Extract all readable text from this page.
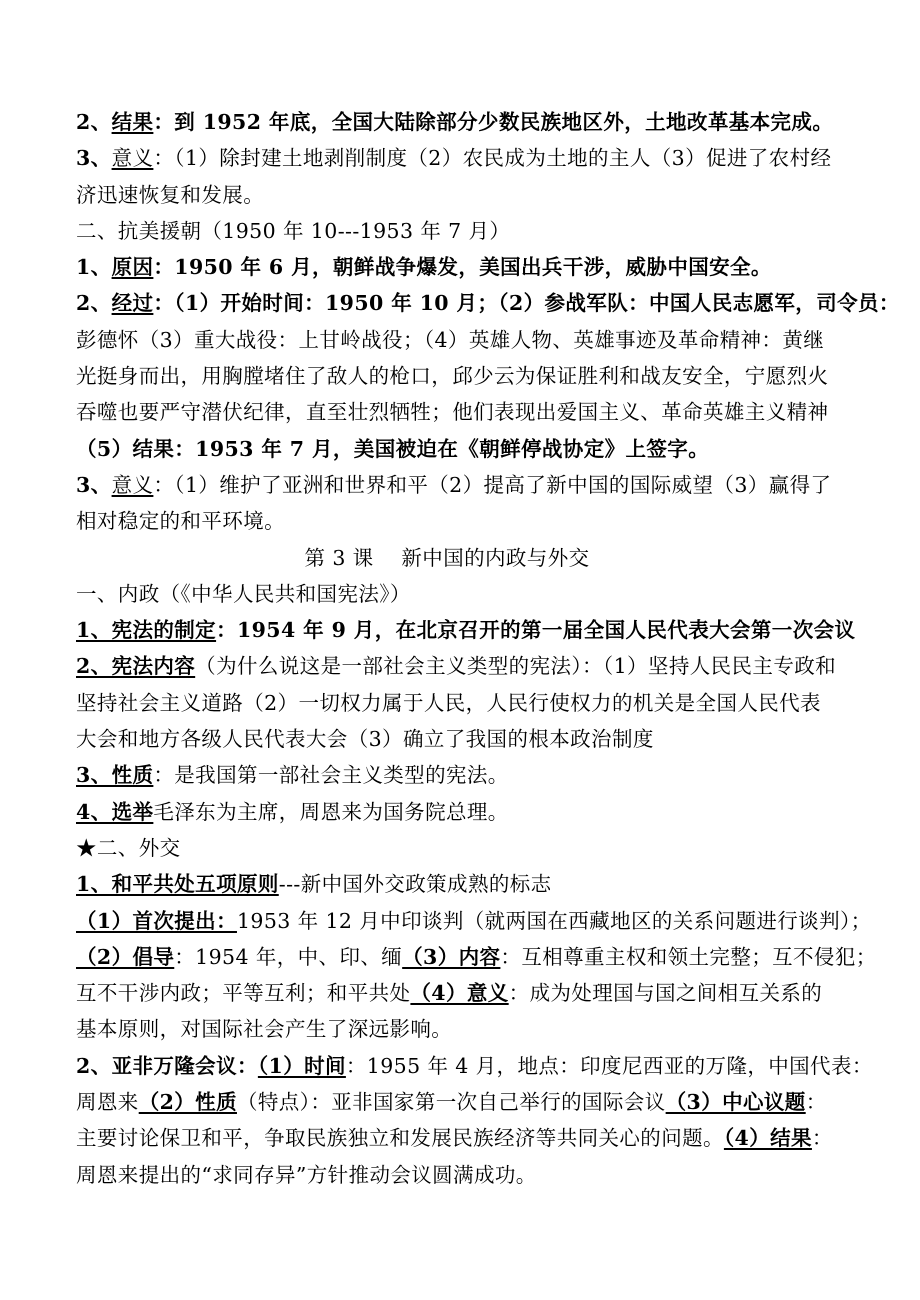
2、结果：到 1952 年底，全国大陆除部分少数民族地区外，土地改革基本完成。
3、意义：（1）除封建土地剥削制度（2）农民成为土地的主人（3）促进了农村经
济迅速恢复和发展。
二、抗美援朝（1950 年 10---1953 年 7 月）
1、原因：1950 年 6 月，朝鲜战争爆发，美国出兵干涉，威胁中国安全。
2、经过：（1）开始时间：1950 年 10 月；（2）参战军队：中国人民志愿军，司令员：
彭德怀（3）重大战役：上甘岭战役；（4）英雄人物、英雄事迹及革命精神：黄继
光挺身而出，用胸膛堵住了敌人的枪口，邱少云为保证胜利和战友安全，宁愿烈火
吞噬也要严守潜伏纪律，直至壮烈牺牲；他们表现出爱国主义、革命英雄主义精神
（5）结果：1953 年 7 月，美国被迫在《朝鲜停战协定》上签字。
3、意义：（1）维护了亚洲和世界和平（2）提高了新中国的国际威望（3）赢得了
相对稳定的和平环境。
第 3 课　 新中国的内政与外交
一、内政（《中华人民共和国宪法》）
1、宪法的制定：1954 年 9 月，在北京召开的第一届全国人民代表大会第一次会议
2、宪法内容（为什么说这是一部社会主义类型的宪法）：（1）坚持人民民主专政和
坚持社会主义道路（2）一切权力属于人民，人民行使权力的机关是全国人民代表
大会和地方各级人民代表大会（3）确立了我国的根本政治制度
3、性质：是我国第一部社会主义类型的宪法。
4、选举毛泽东为主席，周恩来为国务院总理。
★二、外交
1、和平共处五项原则---新中国外交政策成熟的标志
（1）首次提出：1953 年 12 月中印谈判（就两国在西藏地区的关系问题进行谈判）；
（2）倡导：1954 年，中、印、缅（3）内容：互相尊重主权和领土完整；互不侵犯；
互不干涉内政；平等互利；和平共处（4）意义：成为处理国与国之间相互关系的
基本原则，对国际社会产生了深远影响。
2、亚非万隆会议：（1）时间：1955 年 4 月，地点：印度尼西亚的万隆，中国代表：
周恩来（2）性质（特点）：亚非国家第一次自己举行的国际会议（3）中心议题：
主要讨论保卫和平，争取民族独立和发展民族经济等共同关心的问题。（4）结果：
周恩来提出的“求同存异”方针推动会议圆满成功。
